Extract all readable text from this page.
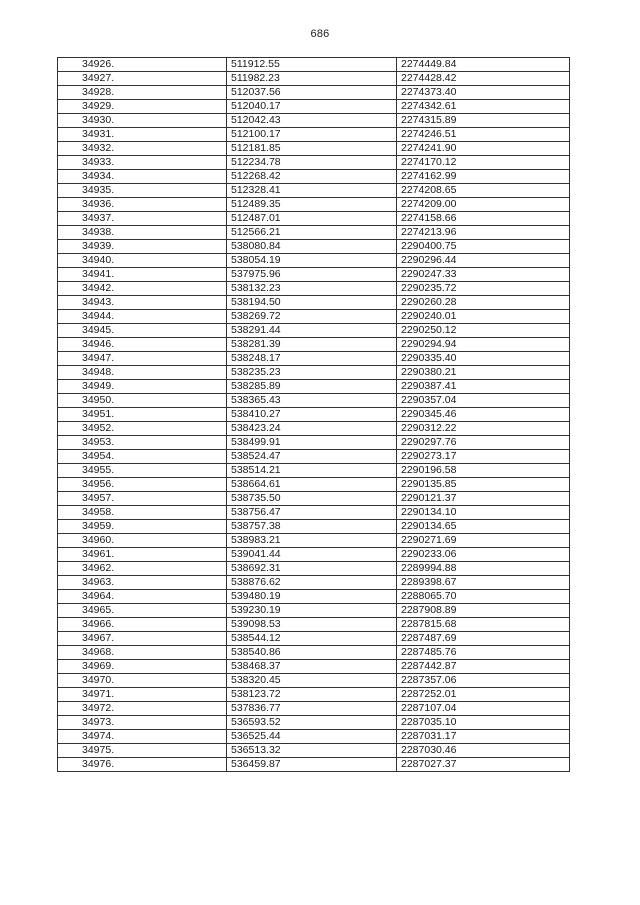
686
34926.	511912.55	2274449.84
34927.	511982.23	2274428.42
34928.	512037.56	2274373.40
34929.	512040.17	2274342.61
34930.	512042.43	2274315.89
34931.	512100.17	2274246.51
34932.	512181.85	2274241.90
34933.	512234.78	2274170.12
34934.	512268.42	2274162.99
34935.	512328.41	2274208.65
34936.	512489.35	2274209.00
34937.	512487.01	2274158.66
34938.	512566.21	2274213.96
34939.	538080.84	2290400.75
34940.	538054.19	2290296.44
34941.	537975.96	2290247.33
34942.	538132.23	2290235.72
34943.	538194.50	2290260.28
34944.	538269.72	2290240.01
34945.	538291.44	2290250.12
34946.	538281.39	2290294.94
34947.	538248.17	2290335.40
34948.	538235.23	2290380.21
34949.	538285.89	2290387.41
34950.	538365.43	2290357.04
34951.	538410.27	2290345.46
34952.	538423.24	2290312.22
34953.	538499.91	2290297.76
34954.	538524.47	2290273.17
34955.	538514.21	2290196.58
34956.	538664.61	2290135.85
34957.	538735.50	2290121.37
34958.	538756.47	2290134.10
34959.	538757.38	2290134.65
34960.	538983.21	2290271.69
34961.	539041.44	2290233.06
34962.	538692.31	2289994.88
34963.	538876.62	2289398.67
34964.	539480.19	2288065.70
34965.	539230.19	2287908.89
34966.	539098.53	2287815.68
34967.	538544.12	2287487.69
34968.	538540.86	2287485.76
34969.	538468.37	2287442.87
34970.	538320.45	2287357.06
34971.	538123.72	2287252.01
34972.	537836.77	2287107.04
34973.	536593.52	2287035.10
34974.	536525.44	2287031.17
34975.	536513.32	2287030.46
34976.	536459.87	2287027.37
